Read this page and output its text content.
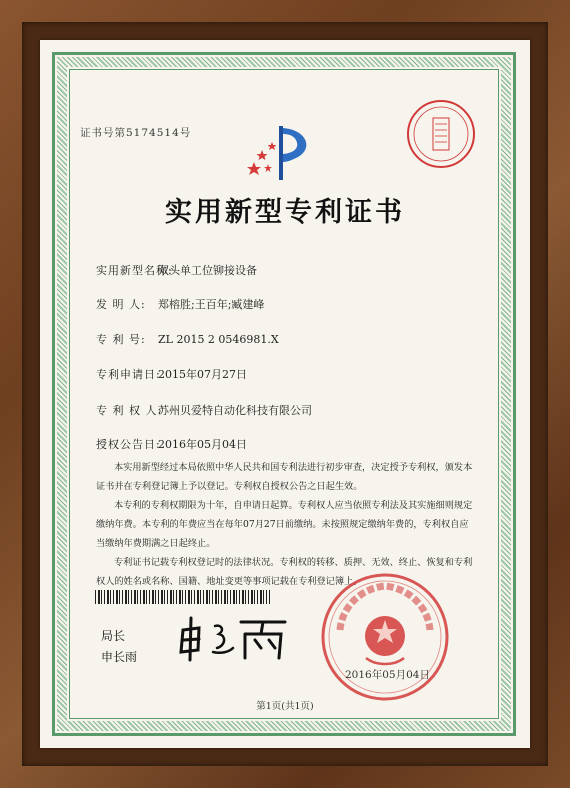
证书号第5174514号
实用新型专利证书
实用新型名称:双头单工位铆接设备
发 明 人: 郑榕胜;王百年;臧建峰
专 利 号: ZL 2015 2 0546981.X
专利申请日:2015年07月27日
专 利 权 人:苏州贝爱特自动化科技有限公司
授权公告日:2016年05月04日

本实用新型经过本局依照中华人民共和国专利法进行初步审查，决定授予专利权，颁发本证书并在专利登记簿上予以登记。专利权自授权公告之日起生效。

本专利的专利权期限为十年，自申请日起算。专利权人应当依照专利法及其实施细则规定缴纳年费。本专利的年费应当在每年07月27日前缴纳。未按照规定缴纳年费的，专利权自应当缴纳年费期满之日起终止。

专利证书记载专利权登记时的法律状况。专利权的转移、质押、无效、终止、恢复和专利权人的姓名或名称、国籍、地址变更等事项记载在专利登记簿上。

局长
申长雨
2016年05月04日
第1页(共1页)
